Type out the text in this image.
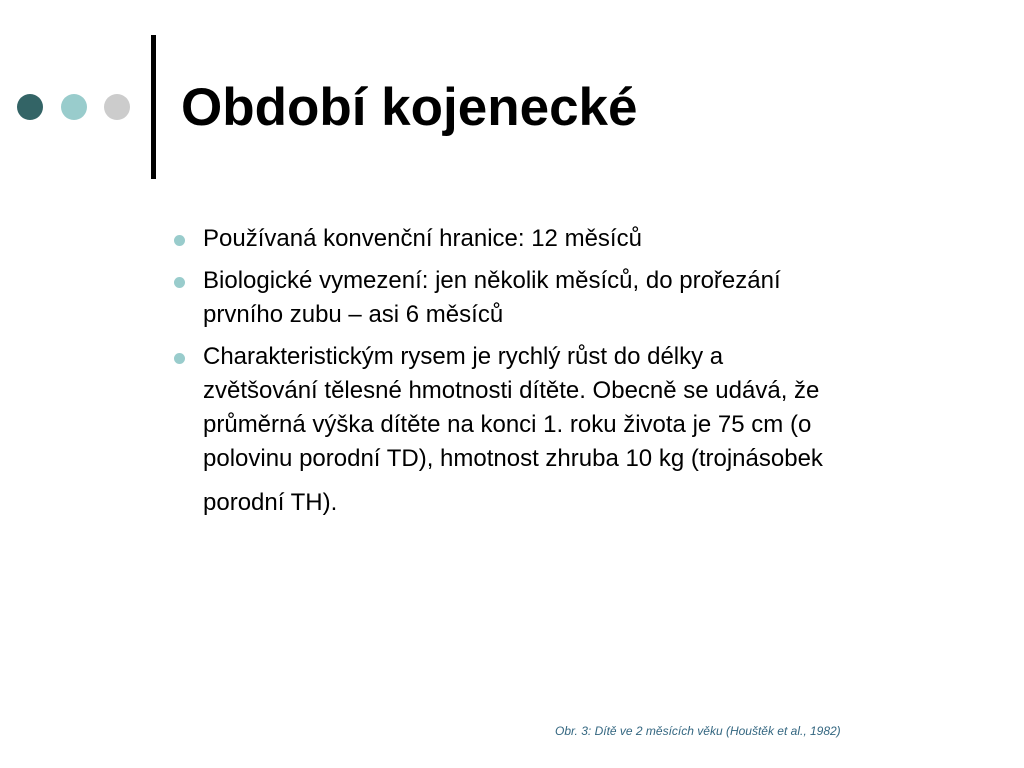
Období kojenecké
Používaná konvenční hranice: 12 měsíců
Biologické vymezení: jen několik měsíců, do prořezání
prvního zubu – asi 6 měsíců
Charakteristickým rysem je rychlý růst do délky a
zvětšování tělesné hmotnosti dítěte. Obecně se udává, že
průměrná výška dítěte na konci 1. roku života je 75 cm (o
polovinu porodní TD), hmotnost zhruba 10 kg (trojnásobek
porodní TH).

Obr. 3: Dítě ve 2 měsících věku (Houštěk et al., 1982)
